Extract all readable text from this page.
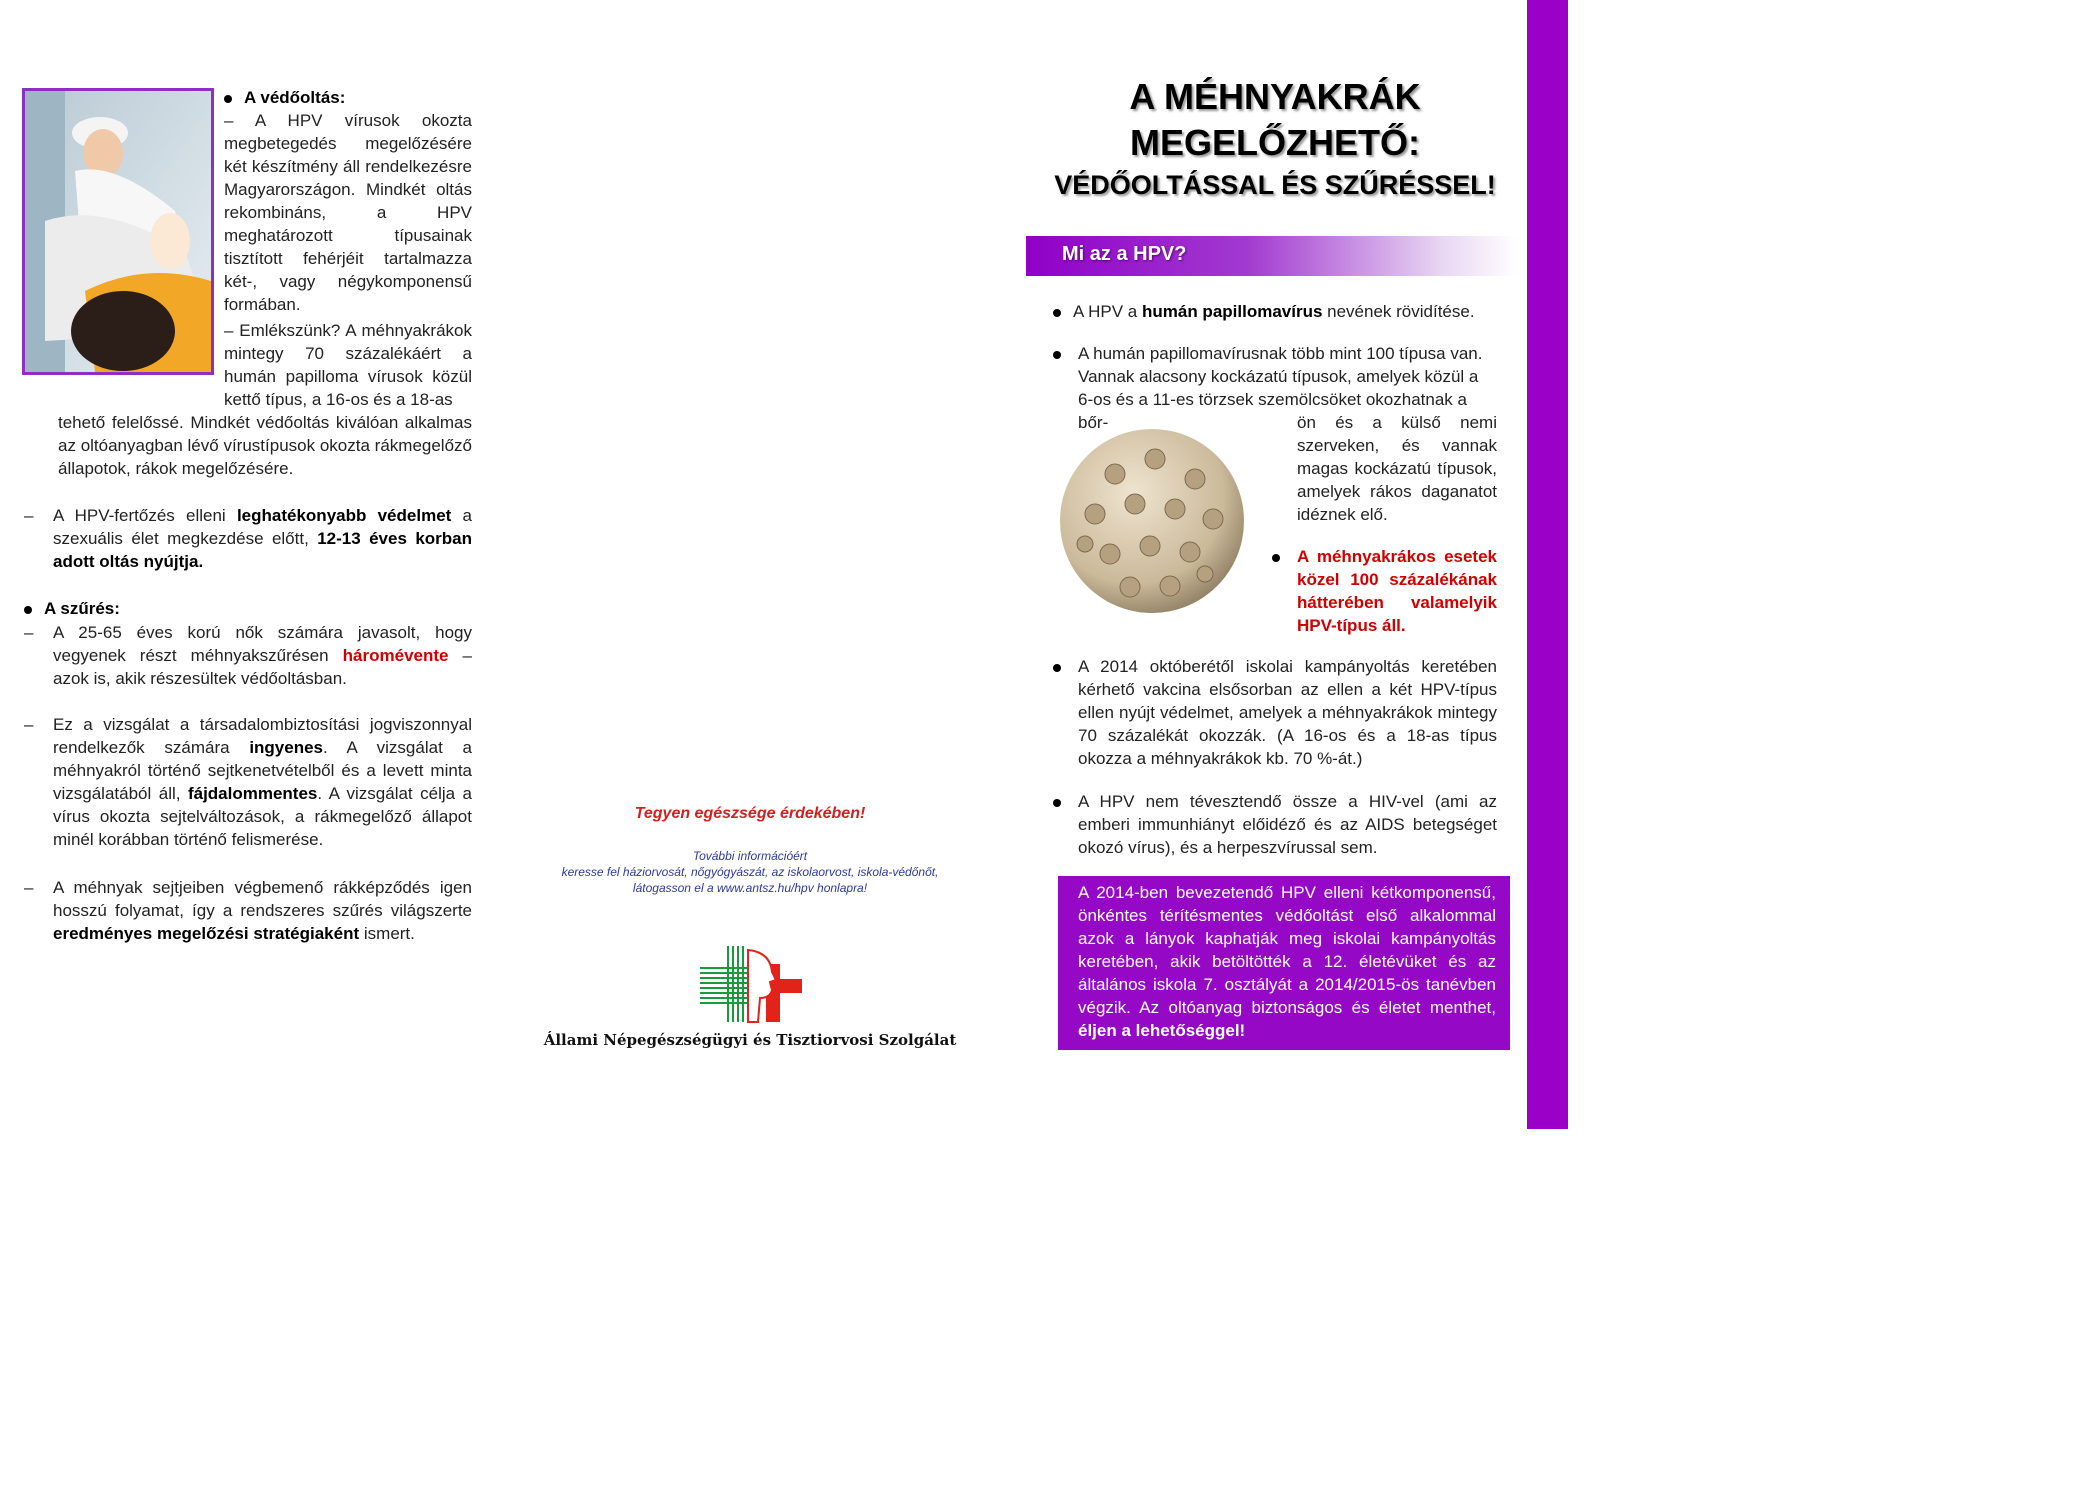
A védőoltás:
– A HPV vírusok okozta megbetegedés megelőzésére két készítmény áll rendelkezésre Magyarországon. Mindkét oltás rekombináns, a HPV meghatározott típusainak tisztított fehérjéit tartalmazza két-, vagy négykomponensű formában.
– Emlékszünk? A méhnyakrákok mintegy 70 százalékáért a humán papilloma vírusok közül kettő típus, a 16-os és a 18-as
tehető felelőssé. Mindkét védőoltás kiválóan alkalmas az oltóanyagban lévő vírustípusok okozta rákmegelőző állapotok, rákok megelőzésére.
– A HPV-fertőzés elleni leghatékonyabb védelmet a szexuális élet megkezdése előtt, 12-13 éves korban adott oltás nyújtja.
A szűrés:
– A 25-65 éves korú nők számára javasolt, hogy vegyenek részt méhnyakszűrésen háromévente – azok is, akik részesültek védőoltásban.
– Ez a vizsgálat a társadalombiztosítási jogviszonnyal rendelkezők számára ingyenes. A vizsgálat a méhnyakról történő sejtkenetvételből és a levett minta vizsgálatából áll, fájdalommentes. A vizsgálat célja a vírus okozta sejtelváltozások, a rákmegelőző állapot minél korábban történő felismerése.
– A méhnyak sejtjeiben végbemenő rákképződés igen hosszú folyamat, így a rendszeres szűrés világszerte eredményes megelőzési stratégiaként ismert.
Tegyen egészsége érdekében!
További információért
keresse fel háziorvosát, nőgyógyászát, az iskolaorvost, iskola-védőnőt,
látogasson el a www.antsz.hu/hpv honlapra!
Állami Népegészségügyi és Tisztiorvosi Szolgálat
A MÉHNYAKRÁK
MEGELŐZHETŐ:
VÉDŐOLTÁSSAL ÉS SZŰRÉSSEL!
Mi az a HPV?
A HPV a humán papillomavírus nevének rövidítése.
A humán papillomavírusnak több mint 100 típusa van.
Vannak alacsony kockázatú típusok, amelyek közül a
6-os és a 11-es törzsek szemölcsöket okozhatnak a bőr-	ön és a külső nemi szerveken, és vannak magas kockázatú típusok, amelyek rákos daganatot idéznek elő.
A méhnyakrákos esetek közel 100 százalékának hátterében valamelyik HPV-típus áll.
A 2014 októberétől iskolai kampányoltás keretében kérhető vakcina elsősorban az ellen a két HPV-típus ellen nyújt védelmet, amelyek a méhnyakrákok mintegy 70 százalékát okozzák. (A 16-os és a 18-as típus okozza a méhnyakrákok kb. 70 %-át.)
A HPV nem tévesztendő össze a HIV-vel (ami az emberi immunhiányt előidéző és az AIDS betegséget okozó vírus), és a herpeszvírussal sem.
A 2014-ben bevezetendő HPV elleni kétkomponensű, önkéntes térítésmentes védőoltást első alkalommal azok a lányok kaphatják meg iskolai kampányoltás keretében, akik betöltötték a 12. életévüket és az általános iskola 7. osztályát a 2014/2015-ös tanévben végzik. Az oltóanyag biztonságos és életet menthet, éljen a lehetőséggel!
